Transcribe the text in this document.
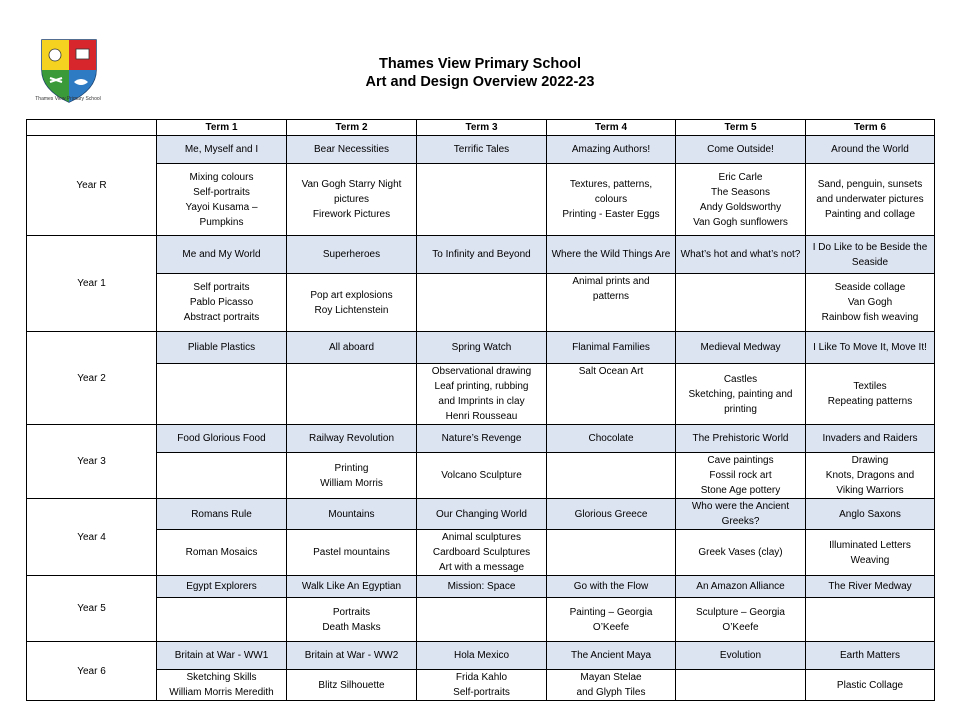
Thames View Primary School
Thames View Primary School
Art and Design Overview 2022-23
	Term 1	Term 2	Term 3	Term 4	Term 5	Term 6
Year R	Me, Myself and I	Bear Necessities	Terrific Tales	Amazing Authors!	Come Outside!	Around the World

	Mixing colours
Self-portraits
Yayoi Kusama –
Pumpkins	Van Gogh Starry Night
pictures
Firework Pictures		Textures, patterns,
colours
Printing - Easter Eggs	Eric Carle
The Seasons
Andy Goldsworthy
Van Gogh sunflowers	Sand, penguin, sunsets
and underwater pictures
Painting and collage

Year 1	Me and My World	Superheroes	To Infinity and Beyond	Where the Wild Things Are	What’s hot and what’s not?	I Do Like to be Beside the Seaside

	Self portraits
Pablo Picasso
Abstract portraits	Pop art explosions
Roy Lichtenstein		Animal prints and
patterns		Seaside collage
Van Gogh
Rainbow fish weaving

Year 2	Pliable Plastics	All aboard	Spring Watch	Flanimal Families	Medieval Medway	I Like To Move It, Move It!

			Observational drawing
Leaf printing, rubbing
and Imprints in clay
Henri Rousseau	Salt Ocean Art	Castles
Sketching, painting and
printing	Textiles
Repeating patterns

Year 3	Food Glorious Food	Railway Revolution	Nature’s Revenge	Chocolate	The Prehistoric World	Invaders and Raiders

		Printing
William Morris	Volcano Sculpture		Cave paintings
Fossil rock art
Stone Age pottery	Drawing
Knots, Dragons and
Viking Warriors

Year 4	Romans Rule	Mountains	Our Changing World	Glorious Greece	Who were the Ancient Greeks?	Anglo Saxons

	Roman Mosaics	Pastel mountains	Animal sculptures
Cardboard Sculptures
Art with a message		Greek Vases (clay)	Illuminated Letters
Weaving

Year 5	Egypt Explorers	Walk Like An Egyptian	Mission: Space	Go with the Flow	An Amazon Alliance	The River Medway

		Portraits
Death Masks		Painting – Georgia
O’Keefe	Sculpture – Georgia
O’Keefe	

Year 6	Britain at War - WW1	Britain at War - WW2	Hola Mexico	The Ancient Maya	Evolution	Earth Matters

	Sketching Skills
William Morris Meredith	Blitz Silhouette	Frida Kahlo
Self-portraits	Mayan Stelae
and Glyph Tiles		Plastic Collage
